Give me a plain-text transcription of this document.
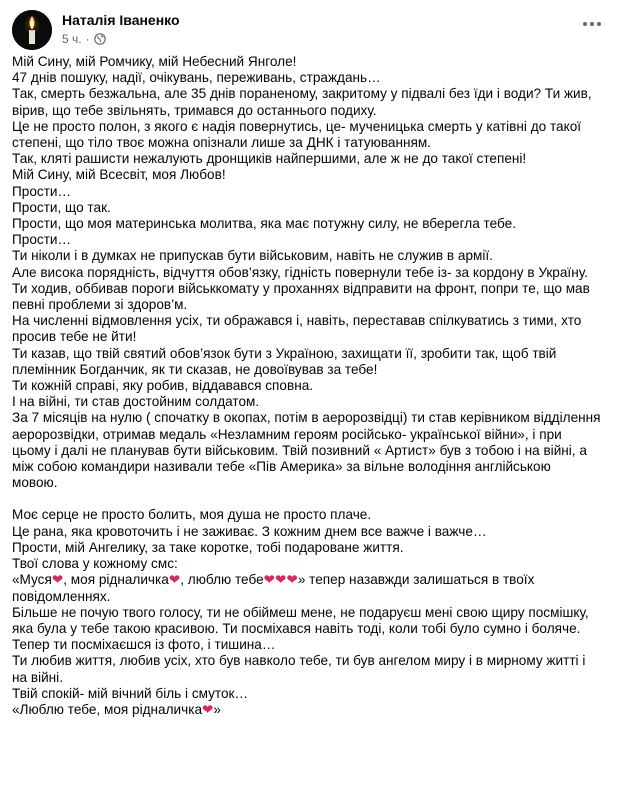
Наталія Іваненко
5 ч. ·
Мій Сину, мій Ромчику, мій Небесний Янголе!
47 днів пошуку, надії, очікувань, переживань, страждань…
Так, смерть безжальна, але 35 днів пораненому, закритому у підвалі без їди і води? Ти жив,
вірив, що тебе звільнять, тримався до останнього подиху.
Це не просто полон, з якого є надія повернутись, це- мученицька смерть у катівні до такої
степені, що тіло твоє можна опізнали лише за ДНК і татуюванням.
Так, кляті рашисти нежалують дронщиків найпершими, але ж не до такої степені!
Мій Сину, мій Всесвіт, моя Любов!
Прости…
Прости, що так.
Прости, що моя материнська молитва, яка має потужну силу, не вберегла тебе.
Прости…
Ти ніколи і в думках не припускав бути військовим, навіть не служив в армії.
Але висока порядність, відчуття обов’язку, гідність повернули тебе із- за кордону в Україну.
Ти ходив, оббивав пороги військкомату у проханнях відправити на фронт, попри те, що мав
певні проблеми зі здоров’м.
На численні відмовлення усіх, ти ображався і, навіть, переставав спілкуватись з тими, хто
просив тебе не йти!
Ти казав, що твій святий обов’язок бути з Україною, захищати її, зробити так, щоб твій
племінник Богданчик, як ти сказав, не довоївував за тебе!
Ти кожній справі, яку робив, віддавався сповна.
І на війні, ти став достойним солдатом.
За 7 місяців на нулю ( спочатку в окопах, потім в аеророзвідці) ти став керівником відділення
аеророзвідки, отримав медаль «Незламним героям російсько- української війни», і при
цьому і далі не планував бути військовим. Твій позивний « Артист» був з тобою і на війні, а
між собою командири називали тебе «Пів Америка» за вільне володіння англійською
мовою.
Моє серце не просто болить, моя душа не просто плаче.
Це рана, яка кровоточить і не заживає. З кожним днем все важче і важче…
Прости, мій Ангелику, за таке коротке, тобі подароване життя.
Твої слова у кожному смс:
«Муся❤, моя рідналичка❤, люблю тебе❤❤❤» тепер назавжди залишаться в твоїх
повідомленнях.
Більше не почую твого голосу, ти не обіймеш мене, не подаруєш мені свою щиру посмішку,
яка була у тебе такою красивою. Ти посміхався навіть тоді, коли тобі було сумно і боляче.
Тепер ти посміхаєшся із фото, і тишина…
Ти любив життя, любив усіх, хто був навколо тебе, ти був ангелом миру і в мирному житті і
на війні.
Твій спокій- мій вічний біль і смуток…
«Люблю тебе, моя рідналичка❤»
